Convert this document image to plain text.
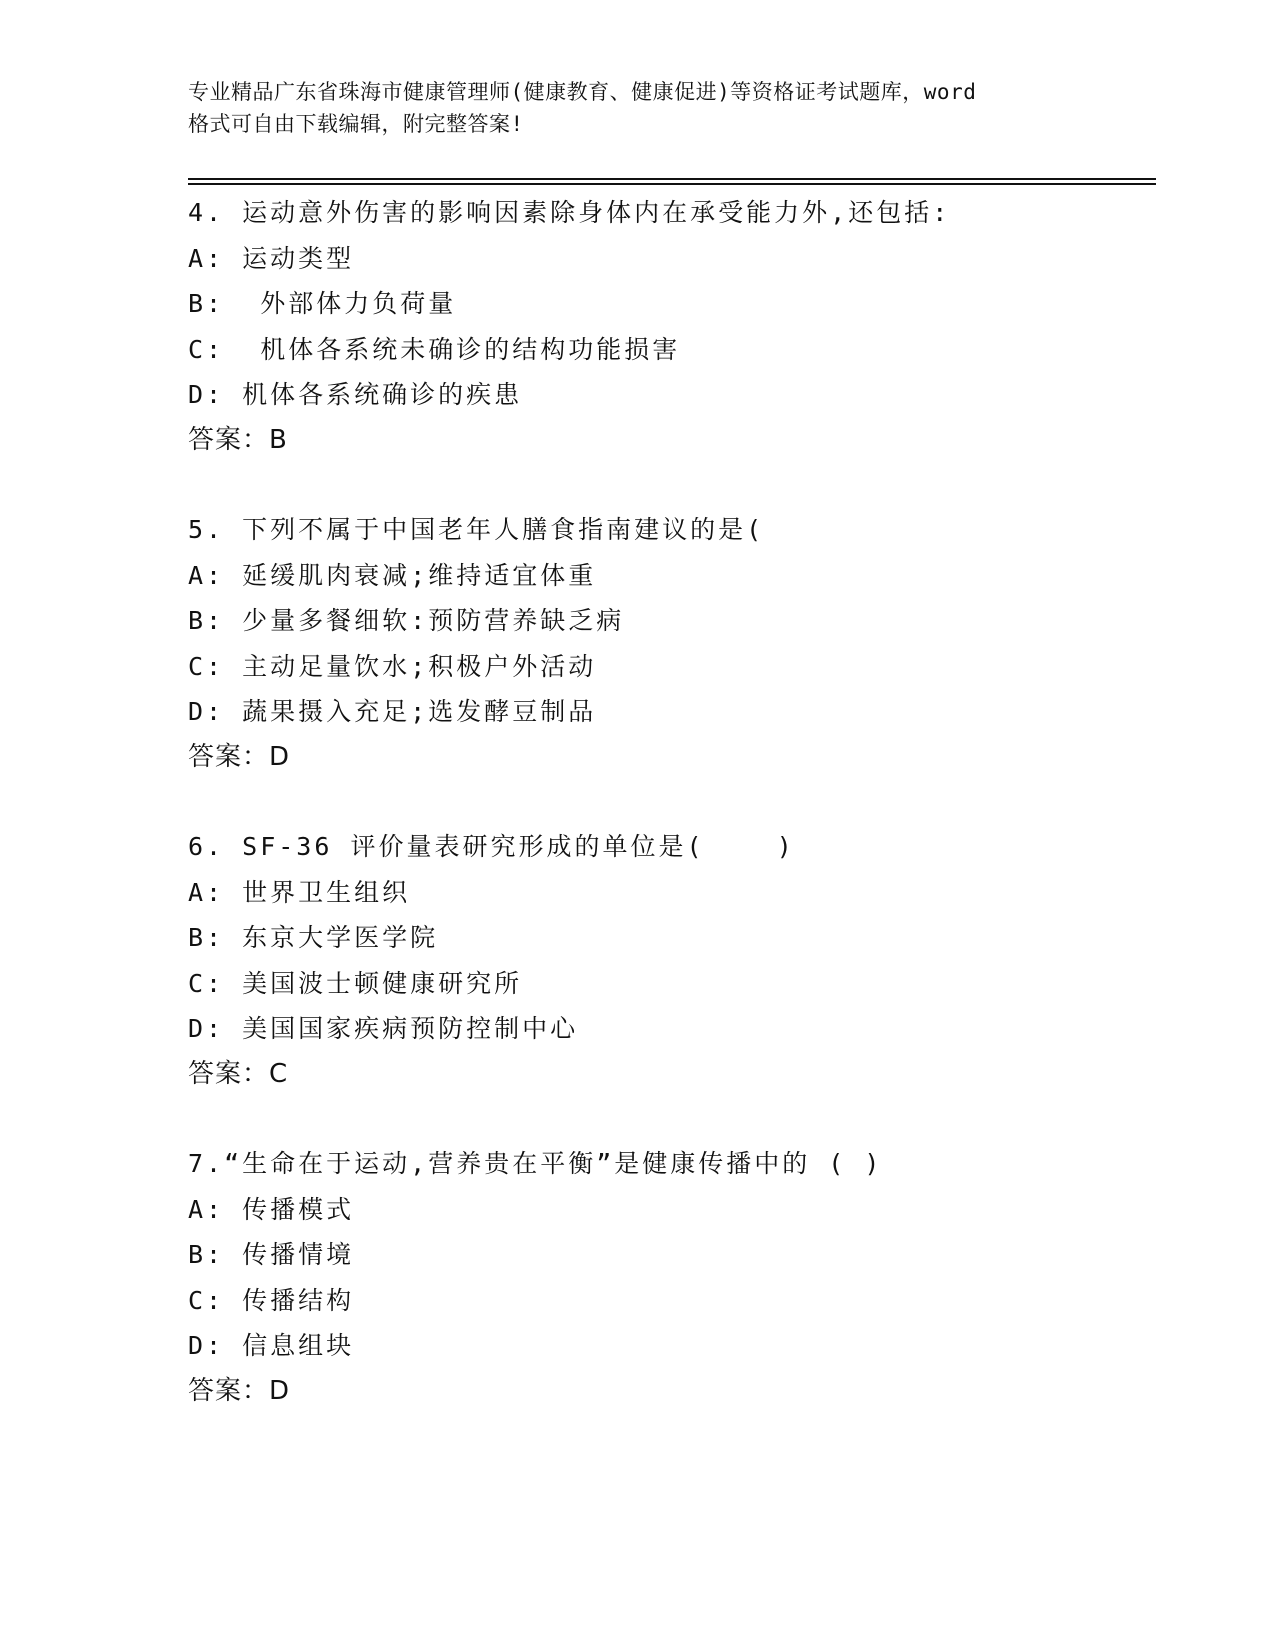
专业精品广东省珠海市健康管理师(健康教育、健康促进)等资格证考试题库，word
格式可自由下载编辑，附完整答案!
4. 运动意外伤害的影响因素除身体内在承受能力外,还包括:
A: 运动类型
B:  外部体力负荷量
C:  机体各系统未确诊的结构功能损害
D: 机体各系统确诊的疾患
答案：B
5. 下列不属于中国老年人膳食指南建议的是(
A: 延缓肌肉衰减;维持适宜体重
B: 少量多餐细软:预防营养缺乏病
C: 主动足量饮水;积极户外活动
D: 蔬果摄入充足;选发酵豆制品
答案：D
6. SF-36 评价量表研究形成的单位是(    )
A: 世界卫生组织
B: 东京大学医学院
C: 美国波士顿健康研究所
D: 美国国家疾病预防控制中心
答案：C
7.“生命在于运动,营养贵在平衡”是健康传播中的 ( )
A: 传播模式
B: 传播情境
C: 传播结构
D: 信息组块
答案：D
